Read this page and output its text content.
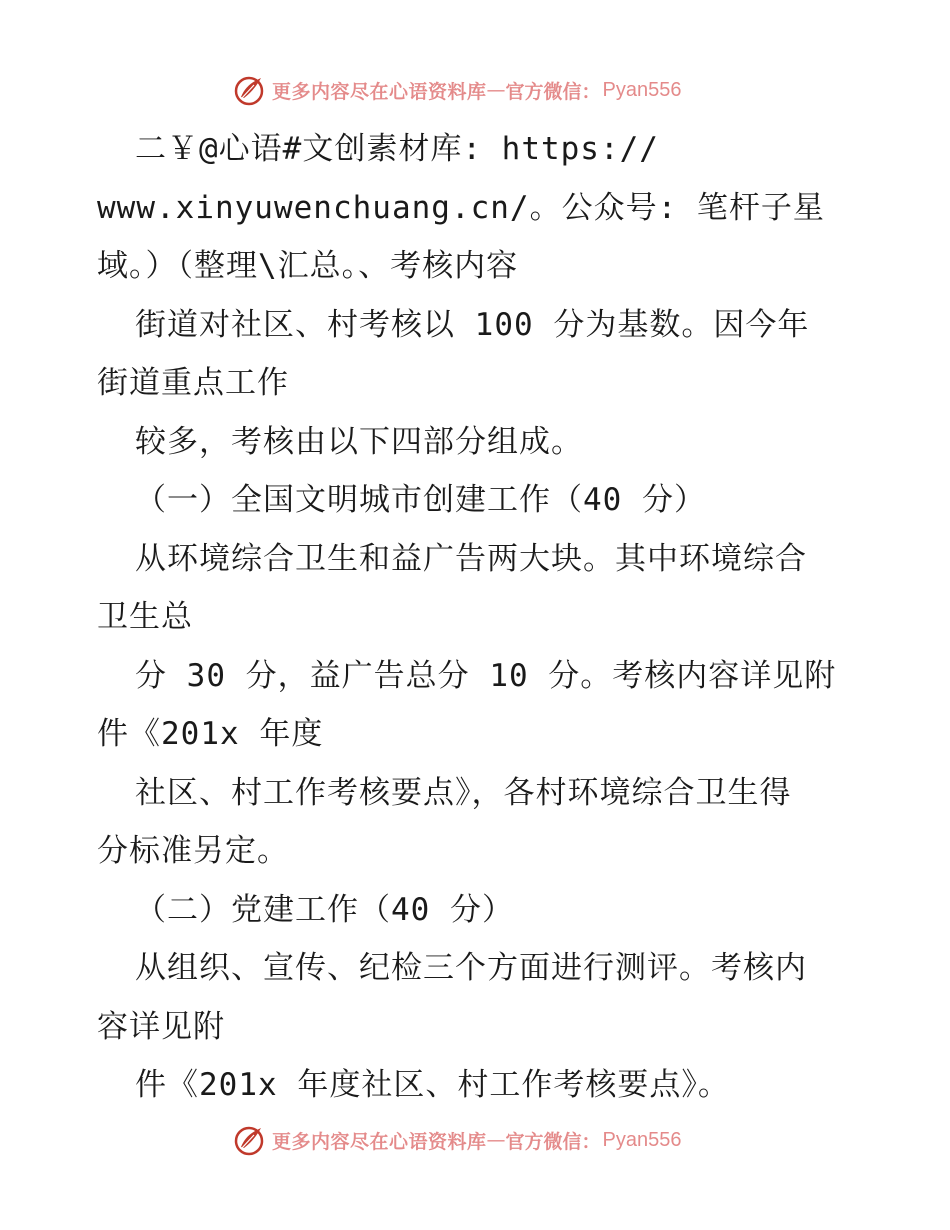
更多内容尽在心语资料库 — 官方微信： Pyan556
二￥@心语#文创素材库: https://
www.xinyuwenchuang.cn/。公众号: 笔杆子星
域。）（整理\汇总。、考核内容
街道对社区、村考核以 100 分为基数。因今年
街道重点工作
较多，考核由以下四部分组成。
（一）全国文明城市创建工作（40 分）
从环境综合卫生和益广告两大块。其中环境综合
卫生总
分 30 分，益广告总分 10 分。考核内容详见附
件《201x 年度
社区、村工作考核要点》，各村环境综合卫生得
分标准另定。
（二）党建工作（40 分）
从组织、宣传、纪检三个方面进行测评。考核内
容详见附
件《201x 年度社区、村工作考核要点》。
更多内容尽在心语资料库 — 官方微信： Pyan556
